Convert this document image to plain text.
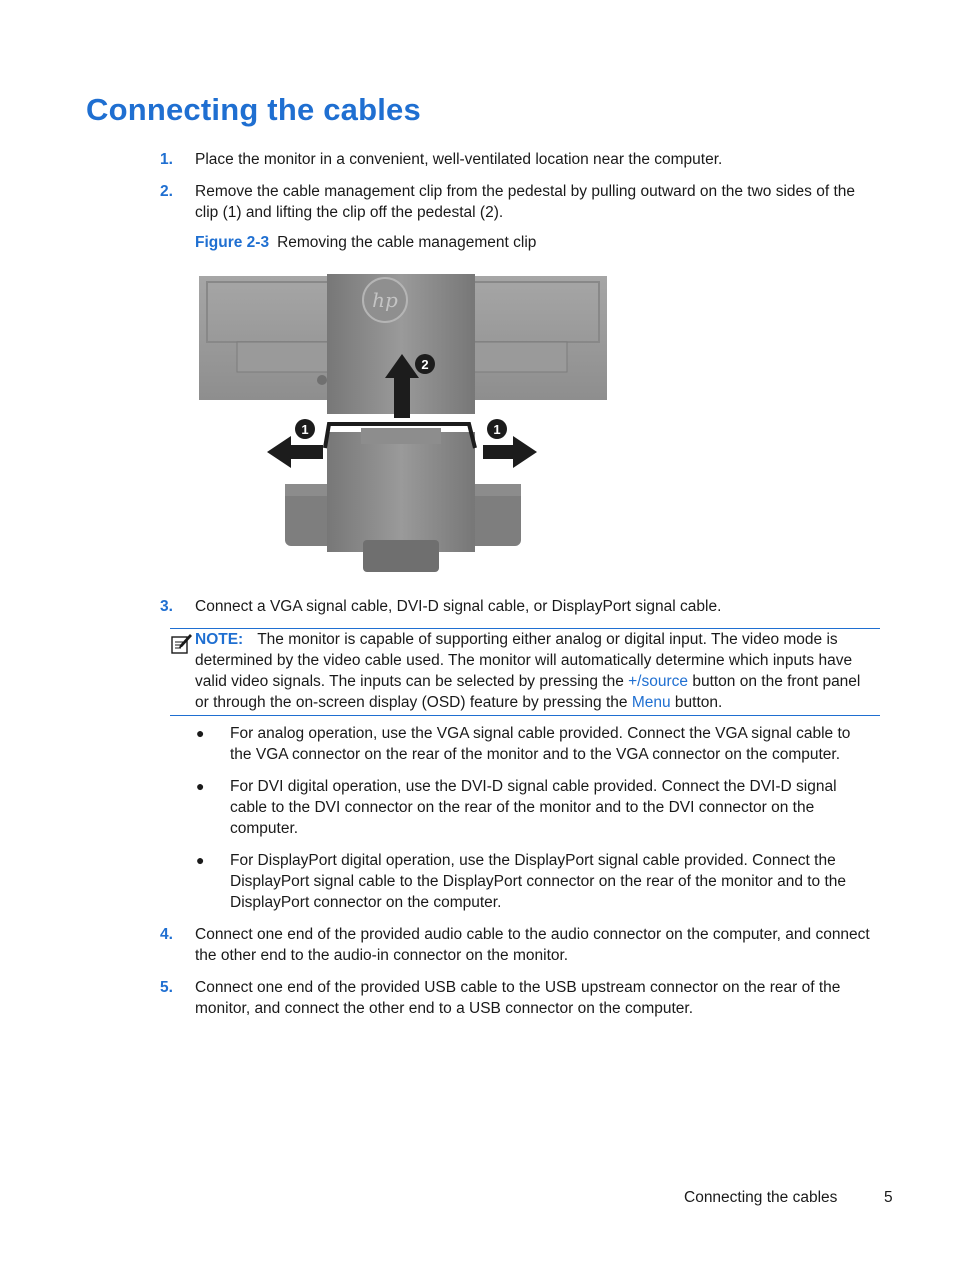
Connecting the cables
1. Place the monitor in a convenient, well-ventilated location near the computer.
2. Remove the cable management clip from the pedestal by pulling outward on the two sides of the clip (1) and lifting the clip off the pedestal (2).
Figure 2-3 Removing the cable management clip
hp
2
1	1
3. Connect a VGA signal cable, DVI-D signal cable, or DisplayPort signal cable.
NOTE: The monitor is capable of supporting either analog or digital input. The video mode is determined by the video cable used. The monitor will automatically determine which inputs have valid video signals. The inputs can be selected by pressing the +/source button on the front panel or through the on-screen display (OSD) feature by pressing the Menu button.
● For analog operation, use the VGA signal cable provided. Connect the VGA signal cable to the VGA connector on the rear of the monitor and to the VGA connector on the computer.
● For DVI digital operation, use the DVI-D signal cable provided. Connect the DVI-D signal cable to the DVI connector on the rear of the monitor and to the DVI connector on the computer.
● For DisplayPort digital operation, use the DisplayPort signal cable provided. Connect the DisplayPort signal cable to the DisplayPort connector on the rear of the monitor and to the DisplayPort connector on the computer.
4. Connect one end of the provided audio cable to the audio connector on the computer, and connect the other end to the audio-in connector on the monitor.
5. Connect one end of the provided USB cable to the USB upstream connector on the rear of the monitor, and connect the other end to a USB connector on the computer.
Connecting the cables	5
